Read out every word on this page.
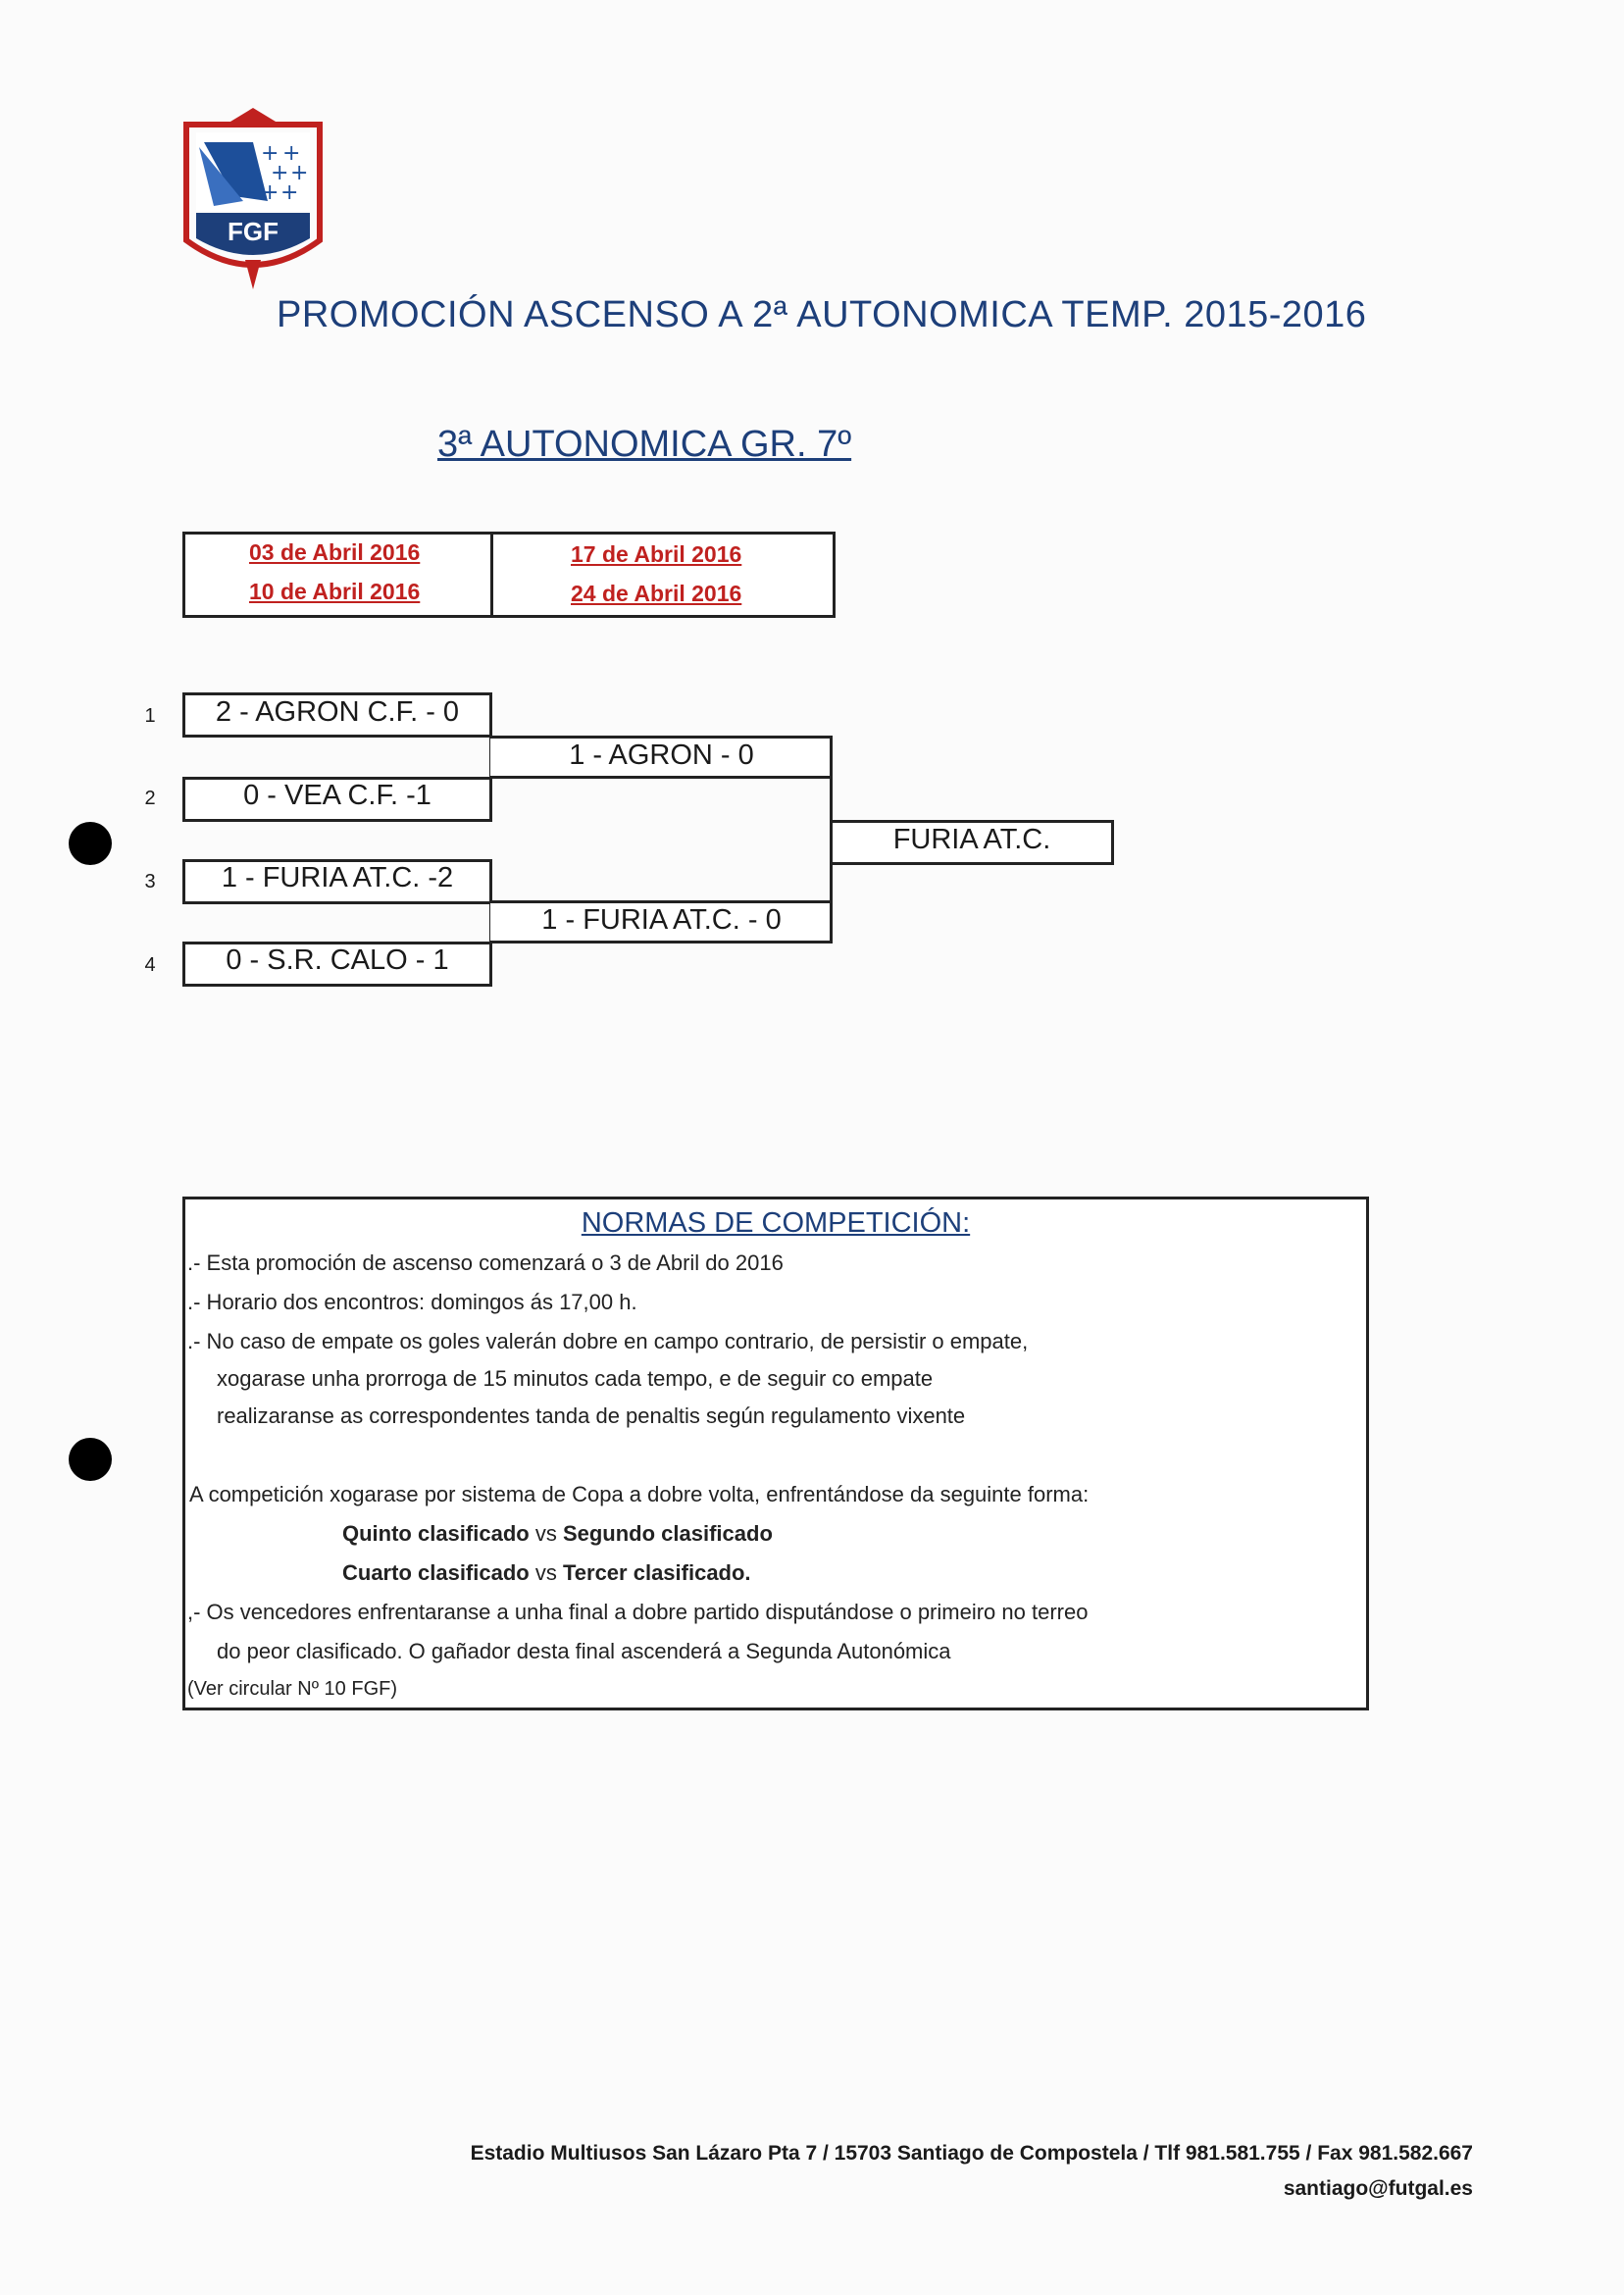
+ +
+ +
+ +
FGF
PROMOCIÓN ASCENSO A 2ª AUTONOMICA TEMP. 2015-2016
3ª AUTONOMICA GR. 7º
03 de Abril 2016
10 de Abril 2016
17 de Abril 2016
24 de Abril 2016
1
2
3
4
2 - AGRON C.F. - 0
0 - VEA C.F. -1
1 - FURIA AT.C. -2
0 - S.R. CALO - 1
1 - AGRON - 0
1 - FURIA AT.C. - 0
FURIA AT.C.
NORMAS DE COMPETICIÓN:
.- Esta promoción de ascenso comenzará o 3 de Abril do 2016
.- Horario dos encontros: domingos ás 17,00 h.
.- No caso de empate os goles valerán dobre en campo contrario, de persistir o empate,
xogarase unha prorroga de 15 minutos cada tempo, e de seguir co empate
realizaranse as correspondentes tanda de penaltis según regulamento vixente
A competición xogarase por sistema de Copa a dobre volta, enfrentándose da seguinte forma:
Quinto clasificado vs Segundo clasificado
Cuarto clasificado vs Tercer clasificado.
,- Os vencedores enfrentaranse a unha final a dobre partido disputándose o primeiro no terreo
do peor clasificado. O gañador desta final ascenderá a Segunda Autonómica
(Ver circular Nº 10 FGF)
Estadio Multiusos San Lázaro Pta 7 / 15703 Santiago de Compostela / Tlf 981.581.755 / Fax 981.582.667
santiago@futgal.es
